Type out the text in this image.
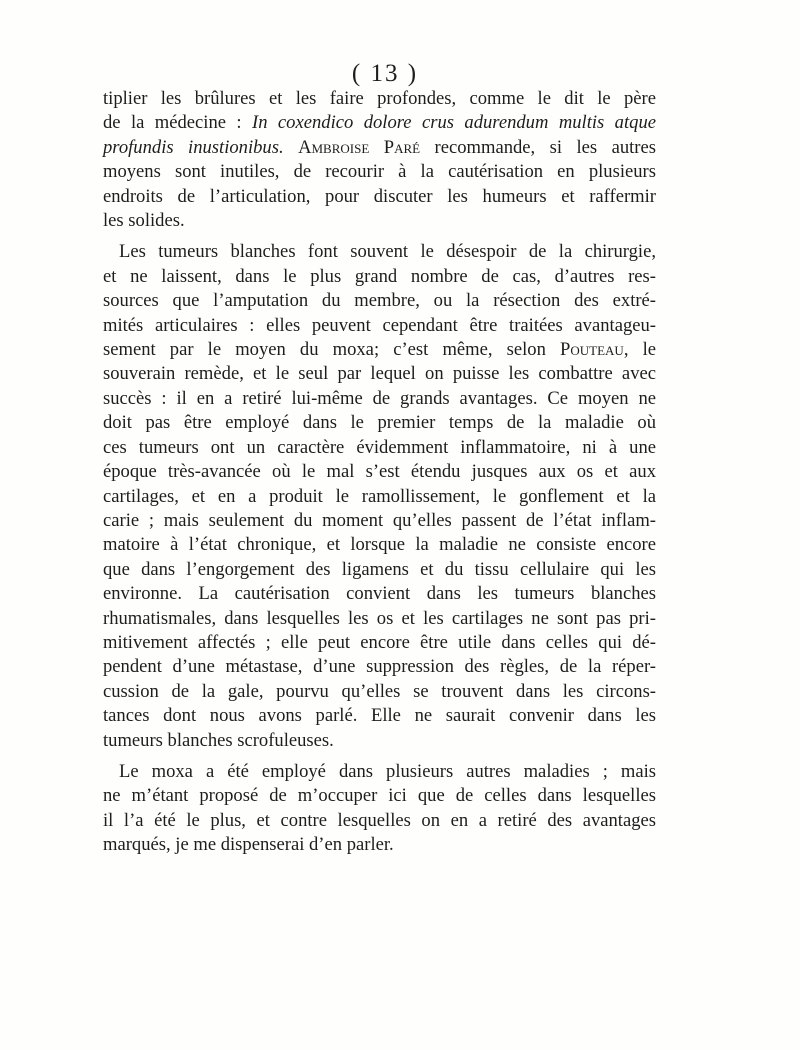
( 13 )
tiplier les brûlures et les faire profondes, comme le dit le père
de la médecine : In coxendico dolore crus adurendum multis atque
profundis inustionibus. Ambroise Paré recommande, si les autres
moyens sont inutiles, de recourir à la cautérisation en plusieurs
endroits de l’articulation, pour discuter les humeurs et raffermir
les solides.
Les tumeurs blanches font souvent le désespoir de la chirurgie,
et ne laissent, dans le plus grand nombre de cas, d’autres res-
sources que l’amputation du membre, ou la résection des extré-
mités articulaires : elles peuvent cependant être traitées avantageu-
sement par le moyen du moxa; c’est même, selon Pouteau, le
souverain remède, et le seul par lequel on puisse les combattre avec
succès : il en a retiré lui-même de grands avantages. Ce moyen ne
doit pas être employé dans le premier temps de la maladie où
ces tumeurs ont un caractère évidemment inflammatoire, ni à une
époque très-avancée où le mal s’est étendu jusques aux os et aux
cartilages, et en a produit le ramollissement, le gonflement et la
carie ; mais seulement du moment qu’elles passent de l’état inflam-
matoire à l’état chronique, et lorsque la maladie ne consiste encore
que dans l’engorgement des ligamens et du tissu cellulaire qui les
environne. La cautérisation convient dans les tumeurs blanches
rhumatismales, dans lesquelles les os et les cartilages ne sont pas pri-
mitivement affectés ; elle peut encore être utile dans celles qui dé-
pendent d’une métastase, d’une suppression des règles, de la réper-
cussion de la gale, pourvu qu’elles se trouvent dans les circons-
tances dont nous avons parlé. Elle ne saurait convenir dans les
tumeurs blanches scrofuleuses.
Le moxa a été employé dans plusieurs autres maladies ; mais
ne m’étant proposé de m’occuper ici que de celles dans lesquelles
il l’a été le plus, et contre lesquelles on en a retiré des avantages
marqués, je me dispenserai d’en parler.
